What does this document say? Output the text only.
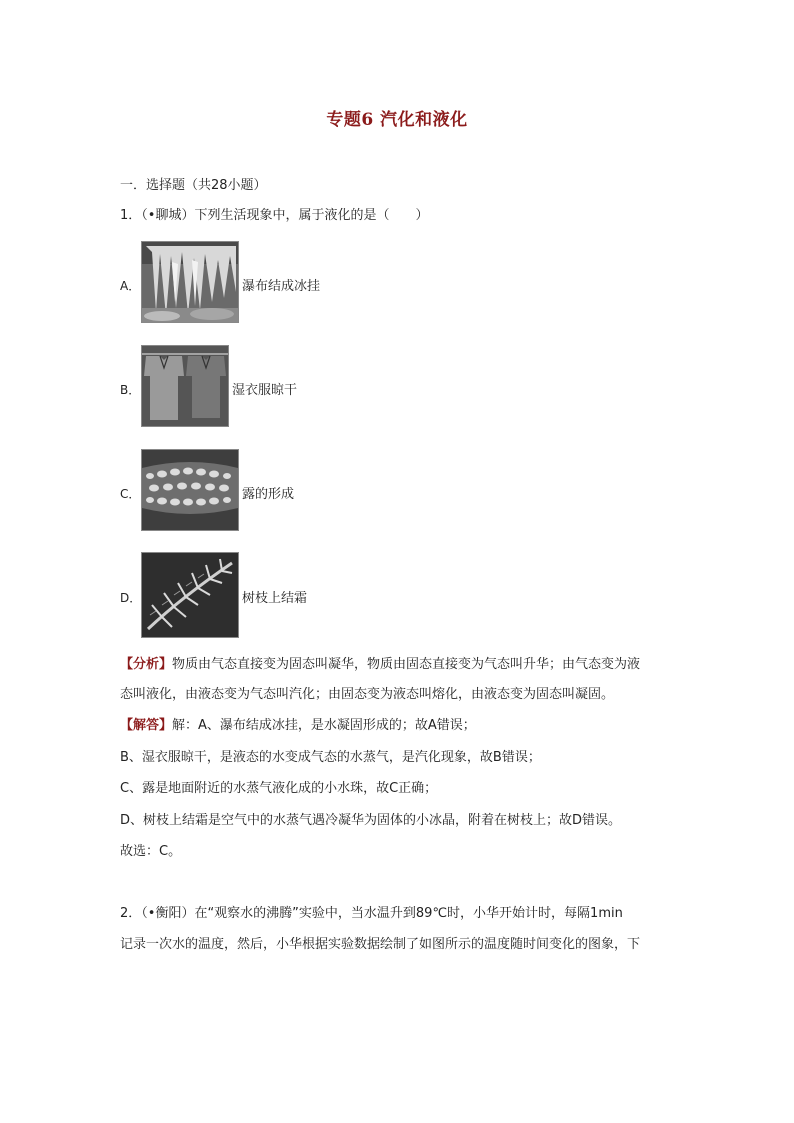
专题6 汽化和液化
一．选择题（共28小题）
1．（•聊城）下列生活现象中，属于液化的是（　　）
A．	瀑布结成冰挂
B．	湿衣服晾干
C．	露的形成
D．	树枝上结霜
【分析】物质由气态直接变为固态叫凝华，物质由固态直接变为气态叫升华；由气态变为液
态叫液化，由液态变为气态叫汽化；由固态变为液态叫熔化，由液态变为固态叫凝固。
【解答】解：A、瀑布结成冰挂，是水凝固形成的；故A错误；
B、湿衣服晾干，是液态的水变成气态的水蒸气，是汽化现象，故B错误；
C、露是地面附近的水蒸气液化成的小水珠，故C正确；
D、树枝上结霜是空气中的水蒸气遇冷凝华为固体的小冰晶，附着在树枝上；故D错误。
故选：C。
2．（•衡阳）在“观察水的沸腾”实验中，当水温升到89℃时，小华开始计时，每隔1min
记录一次水的温度，然后，小华根据实验数据绘制了如图所示的温度随时间变化的图象，下
